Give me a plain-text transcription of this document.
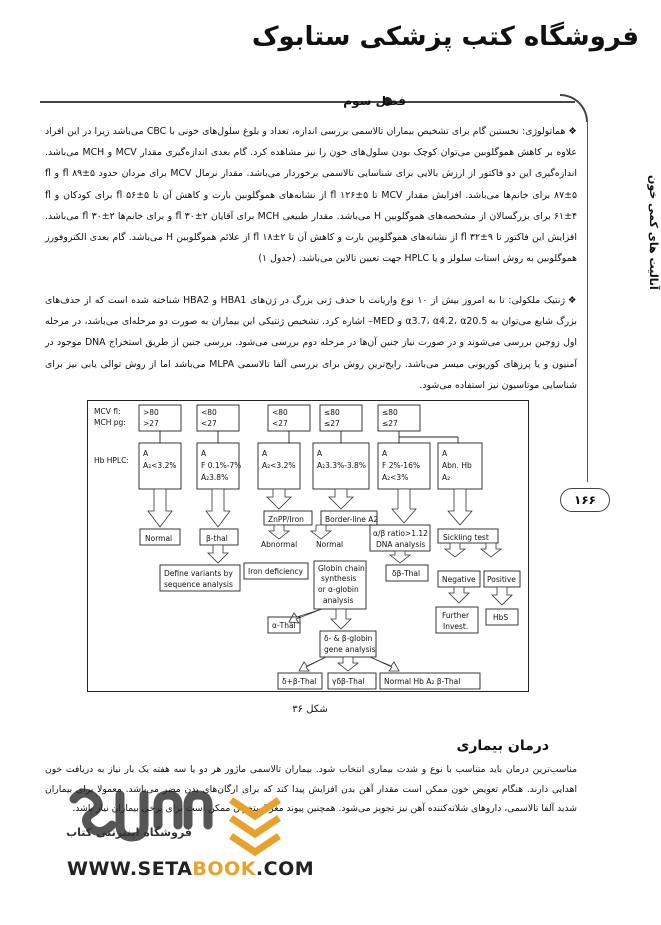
فروشگاه کتب پزشکی ستابوک
فصل سوم
آنالیت های کمی خون
۱۶۶
❖هماتولوژی: نخستین گام برای تشخیص بیماران تالاسمی بررسی اندازه، تعداد و بلوغ سلول‌های خونی با CBC می‌باشد زیرا در این افراد علاوه بر کاهش هموگلوبین می‌توان کوچک بودن سلول‌های خون را نیز مشاهده کرد. گام بعدی اندازه‌گیری مقدار MCV و MCH می‌باشد. اندازه‌گیری این دو فاکتور از ارزش بالایی برای شناسایی تالاسمی برخوردار می‌باشد. مقدار نرمال MCV برای مردان حدود fl ۸۹±۵ و fl ۸۷±۵ برای خانم‌ها می‌باشد. افزایش مقدار MCV تا fl ۱۲۶±۵ از نشانه‌های هموگلوبین بارت و کاهش آن تا fl ۵۶±۵ برای کودکان و fl ۶۱±۴ برای بزرگسالان از مشخصه‌های هموگلوبین H می‌باشد. مقدار طبیعی MCH برای آقایان fl ۳۰±۲ و برای خانم‌ها fl ۳۰±۲ می‌باشد. افزایش این فاکتور تا fl ۳۲±۹ از نشانه‌های هموگلوبین بارت و کاهش آن تا fl ۱۸±۲ از علائم هموگلوبین H می‌باشد. گام بعدی الکتروفورز هموگلوبین به روش استات سلولز و یا HPLC جهت تعیین تالاین می‌باشد. (جدول ۱)
❖ژنتیک ملکولی: تا به امروز بیش از ۱۰ نوع واریانت با حذف ژنی بزرگ در ژن‌های HBA1 و HBA2 شناخته شده است که از حذف‌های بزرگ شایع می‌توان به α3.7، α4.2، α20.5 و MED– اشاره کرد. تشخیص ژنتیکی این بیماران به صورت دو مرحله‌ای می‌باشد، در مرحله اول زوجین بررسی می‌شوند و در صورت نیاز جنین آن‌ها در مرحله دوم بررسی می‌شود. بررسی جنین از طریق استخراج DNA موجود در آمنیون و یا پرزهای کوریونی میسر می‌باشد. رایج‌ترین روش برای بررسی آلفا تالاسمی MLPA می‌باشد اما از روش توالی یابی نیز برای شناسایی موتاسیون نیز استفاده می‌شود.
MCV fl:
MCH pg:
Hb HPLC:
>80
>27
<80
<27
<80
<27
≤80
≤27
≤80
≤27
A
A₂<3.2%
A
F 0.1%-7%
A₂3.8%
A
A₂<3.2%
A
A₂3.3%-3.8%
A
F 2%-16%
A₂<3%
A
Abn. Hb
A₂
Normal	β-thal
ZnPP/Iron	Border-line A2
α/β ratio>1.12
DNA analysis
Sickling test
Abnormal	Normal
Define variants by
sequence analysis
Iron deficiency Globin chain
synthesis
or α-globin
analysis
δβ-Thal
Negative Positive
Further
Invest.
HbS
α-Thal
δ- & β-globin
gene analysis
δ+β-Thal γδβ-Thal	Normal Hb A₂ β-Thal
شکل ۳۶
درمان بیماری
مناسب‌ترین درمان باید متناسب با نوع و شدت بیماری انتخاب شود. بیماران تالاسمی ماژور هر دو یا سه هفته یک بار نیاز به دریافت خون اهدایی دارند. هنگام تعویض خون ممکن است مقدار آهن بدن افزایش پیدا کند که برای ارگان‌های بدن مضر می‌باشد. معمولا برای بیماران شدید آلفا تالاسمی، داروهای شلاته‌کننده آهن نیز تجویز می‌شود. همچنین پیوند مغز استخوان ممکن است برای برخی بیماران نیاز باشد.
فروشگاه اینترنتی کتاب
WWW.SETABOOK.COM
